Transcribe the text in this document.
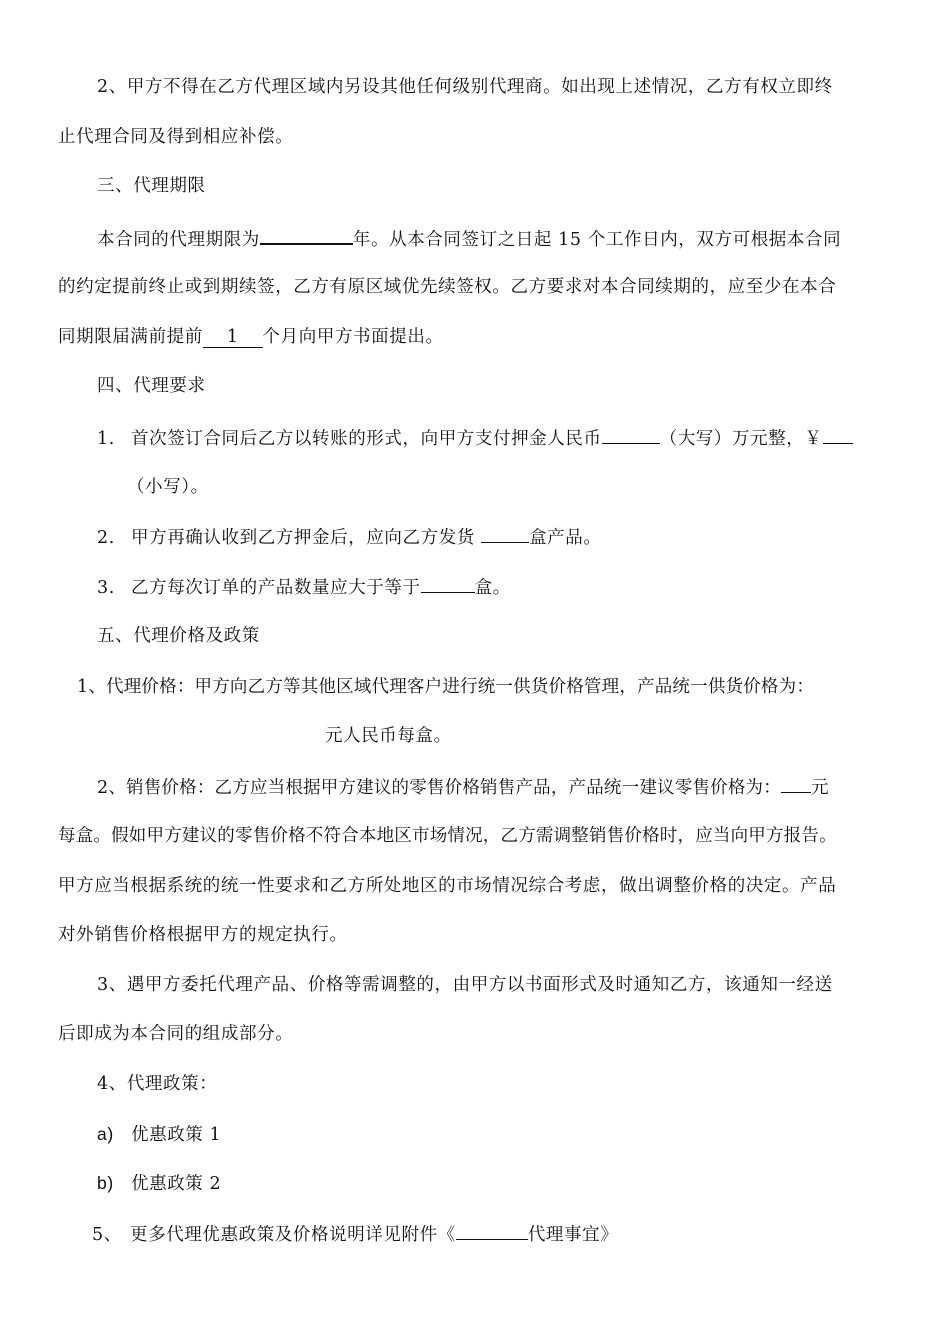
2、甲方不得在乙方代理区域内另设其他任何级别代理商。如出现上述情况，乙方有权立即终
止代理合同及得到相应补偿。
三、代理期限
本合同的代理期限为	年。从本合同签订之日起 15 个工作日内，双方可根据本合同
的约定提前终止或到期续签，乙方有原区域优先续签权。乙方要求对本合同续期的，应至少在本合
同期限届满前提前 1 个月向甲方书面提出。
四、代理要求
1. 首次签订合同后乙方以转账的形式，向甲方支付押金人民币	（大写）万元整，￥
（小写）。
2. 甲方再确认收到乙方押金后，应向乙方发货	盒产品。
3. 乙方每次订单的产品数量应大于等于	盒。
五、代理价格及政策
1、代理价格：甲方向乙方等其他区域代理客户进行统一供货价格管理，产品统一供货价格为：
元人民币每盒。
2、销售价格：乙方应当根据甲方建议的零售价格销售产品，产品统一建议零售价格为： 元
每盒。假如甲方建议的零售价格不符合本地区市场情况，乙方需调整销售价格时，应当向甲方报告。
甲方应当根据系统的统一性要求和乙方所处地区的市场情况综合考虑，做出调整价格的决定。产品
对外销售价格根据甲方的规定执行。
3、遇甲方委托代理产品、价格等需调整的，由甲方以书面形式及时通知乙方，该通知一经送
后即成为本合同的组成部分。
4、代理政策：
a) 优惠政策 1
b) 优惠政策 2
5、 更多代理优惠政策及价格说明详见附件《	代理事宜》
